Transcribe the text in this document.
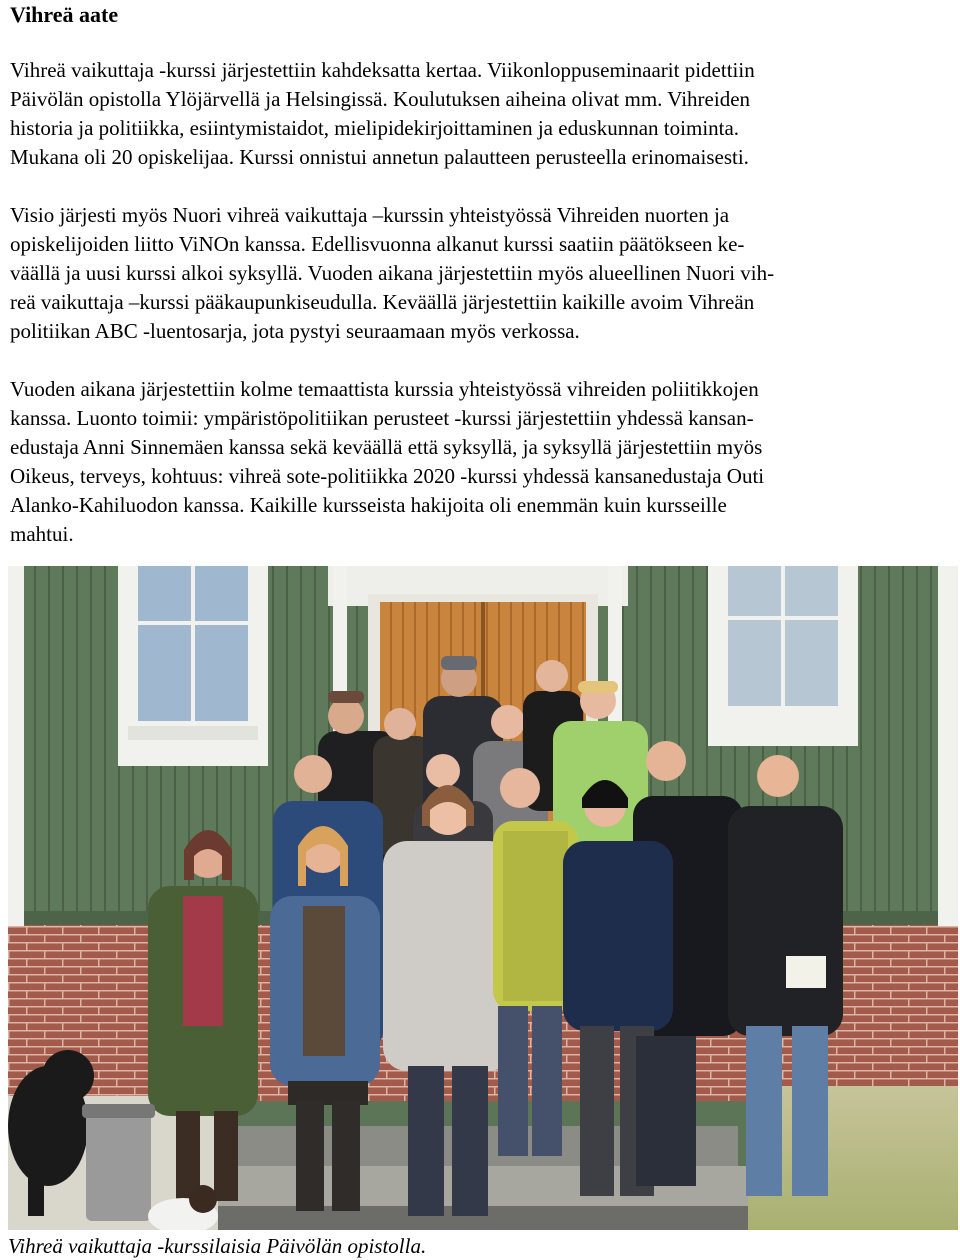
Vihreä aate

Vihreä vaikuttaja -kurssi järjestettiin kahdeksatta kertaa. Viikonloppuseminaarit pidettiin
Päivölän opistolla Ylöjärvellä ja Helsingissä. Koulutuksen aiheina olivat mm. Vihreiden
historia ja politiikka, esiintymistaidot, mielipidekirjoittaminen ja eduskunnan toiminta.
Mukana oli 20 opiskelijaa. Kurssi onnistui annetun palautteen perusteella erinomaisesti.

Visio järjesti myös Nuori vihreä vaikuttaja –kurssin yhteistyössä Vihreiden nuorten ja
opiskelijoiden liitto ViNOn kanssa. Edellisvuonna alkanut kurssi saatiin päätökseen ke-
väällä ja uusi kurssi alkoi syksyllä. Vuoden aikana järjestettiin myös alueellinen Nuori vih-
reä vaikuttaja –kurssi pääkaupunkiseudulla. Keväällä järjestettiin kaikille avoim Vihreän
politiikan ABC -luentosarja, jota pystyi seuraamaan myös verkossa.

Vuoden aikana järjestettiin kolme temaattista kurssia yhteistyössä vihreiden poliitikkojen
kanssa. Luonto toimii: ympäristöpolitiikan perusteet -kurssi järjestettiin yhdessä kansan-
edustaja Anni Sinnemäen kanssa sekä keväällä että syksyllä, ja syksyllä järjestettiin myös
Oikeus, terveys, kohtuus: vihreä sote-politiikka 2020 -kurssi yhdessä kansanedustaja Outi
Alanko-Kahiluodon kanssa. Kaikille kursseista hakijoita oli enemmän kuin kursseille
mahtui.

Vihreä vaikuttaja -kurssilaisia Päivölän opistolla.
